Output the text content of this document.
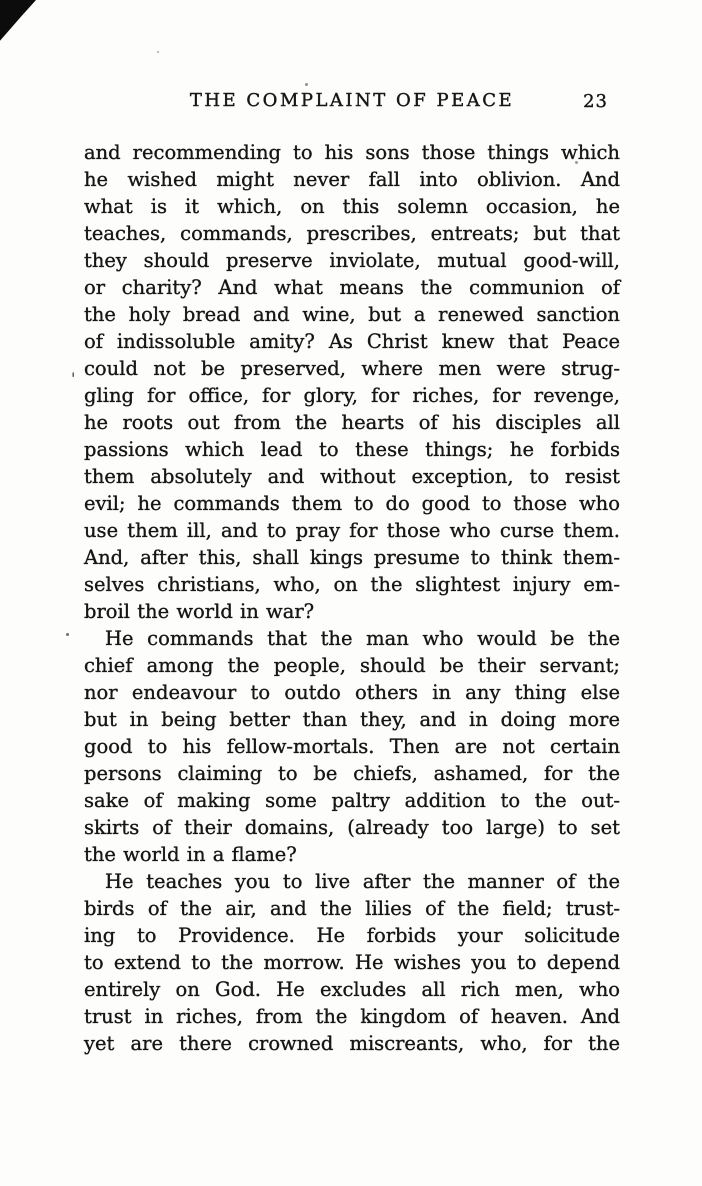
THE COMPLAINT OF PEACE	23
'
and recommending to his sons those things which
he wished might never fall into oblivion. And
what is it which, on this solemn occasion, he
teaches, commands, prescribes, entreats; but that
they should preserve inviolate, mutual good-will,
or charity? And what means the communion of
the holy bread and wine, but a renewed sanction
of indissoluble amity? As Christ knew that Peace
could not be preserved, where men were strug-
gling for office, for glory, for riches, for revenge,
he roots out from the hearts of his disciples all
passions which lead to these things; he forbids
them absolutely and without exception, to resist
evil; he commands them to do good to those who
use them ill, and to pray for those who curse them.
And, after this, shall kings presume to think them-
selves christians, who, on the slightest injury em-
broil the world in war?
He commands that the man who would be the
chief among the people, should be their servant;
nor endeavour to outdo others in any thing else
but in being better than they, and in doing more
good to his fellow-mortals. Then are not certain
persons claiming to be chiefs, ashamed, for the
sake of making some paltry addition to the out-
skirts of their domains, (already too large) to set
the world in a flame?
He teaches you to live after the manner of the
birds of the air, and the lilies of the field; trust-
ing to Providence. He forbids your solicitude
to extend to the morrow. He wishes you to depend
entirely on God. He excludes all rich men, who
trust in riches, from the kingdom of heaven. And
yet are there crowned miscreants, who, for the
